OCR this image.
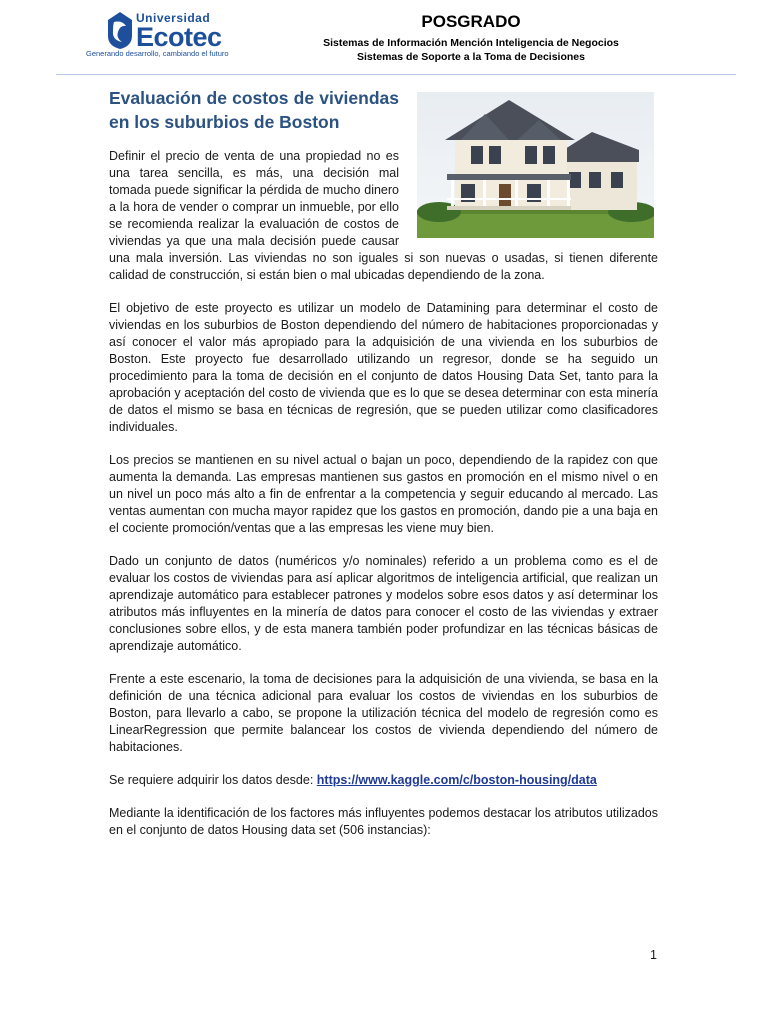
Universidad
Ecotec
Generando desarrollo, cambiando el futuro
POSGRADO
Sistemas de Información Mención Inteligencia de Negocios
Sistemas de Soporte a la Toma de Decisiones
Evaluación de costos de viviendas en los suburbios de Boston

Definir el precio de venta de una propiedad no es una tarea sencilla, es más, una decisión mal tomada puede significar la pérdida de mucho dinero a la hora de vender o comprar un inmueble, por ello se recomienda realizar la evaluación de costos de viviendas ya que una mala decisión puede causar una mala inversión. Las viviendas no son iguales si son nuevas o usadas, si tienen diferente calidad de construcción, si están bien o mal ubicadas dependiendo de la zona.

El objetivo de este proyecto es utilizar un modelo de Datamining para determinar el costo de viviendas en los suburbios de Boston dependiendo del número de habitaciones proporcionadas y así conocer el valor más apropiado para la adquisición de una vivienda en los suburbios de Boston. Este proyecto fue desarrollado utilizando un regresor, donde se ha seguido un procedimiento para la toma de decisión en el conjunto de datos Housing Data Set, tanto para la aprobación y aceptación del costo de vivienda que es lo que se desea determinar con esta minería de datos el mismo se basa en técnicas de regresión, que se pueden utilizar como clasificadores individuales.

Los precios se mantienen en su nivel actual o bajan un poco, dependiendo de la rapidez con que aumenta la demanda. Las empresas mantienen sus gastos en promoción en el mismo nivel o en un nivel un poco más alto a fin de enfrentar a la competencia y seguir educando al mercado. Las ventas aumentan con mucha mayor rapidez que los gastos en promoción, dando pie a una baja en el cociente promoción/ventas que a las empresas les viene muy bien.

Dado un conjunto de datos (numéricos y/o nominales) referido a un problema como es el de evaluar los costos de viviendas para así aplicar algoritmos de inteligencia artificial, que realizan un aprendizaje automático para establecer patrones y modelos sobre esos datos y así determinar los atributos más influyentes en la minería de datos para conocer el costo de las viviendas y extraer conclusiones sobre ellos, y de esta manera también poder profundizar en las técnicas básicas de aprendizaje automático.

Frente a este escenario, la toma de decisiones para la adquisición de una vivienda, se basa en la definición de una técnica adicional para evaluar los costos de viviendas en los suburbios de Boston, para llevarlo a cabo, se propone la utilización técnica del modelo de regresión como es LinearRegression que permite balancear los costos de vivienda dependiendo del número de habitaciones.

Se requiere adquirir los datos desde: https://www.kaggle.com/c/boston-housing/data

Mediante la identificación de los factores más influyentes podemos destacar los atributos utilizados en el conjunto de datos Housing data set (506 instancias):

1
